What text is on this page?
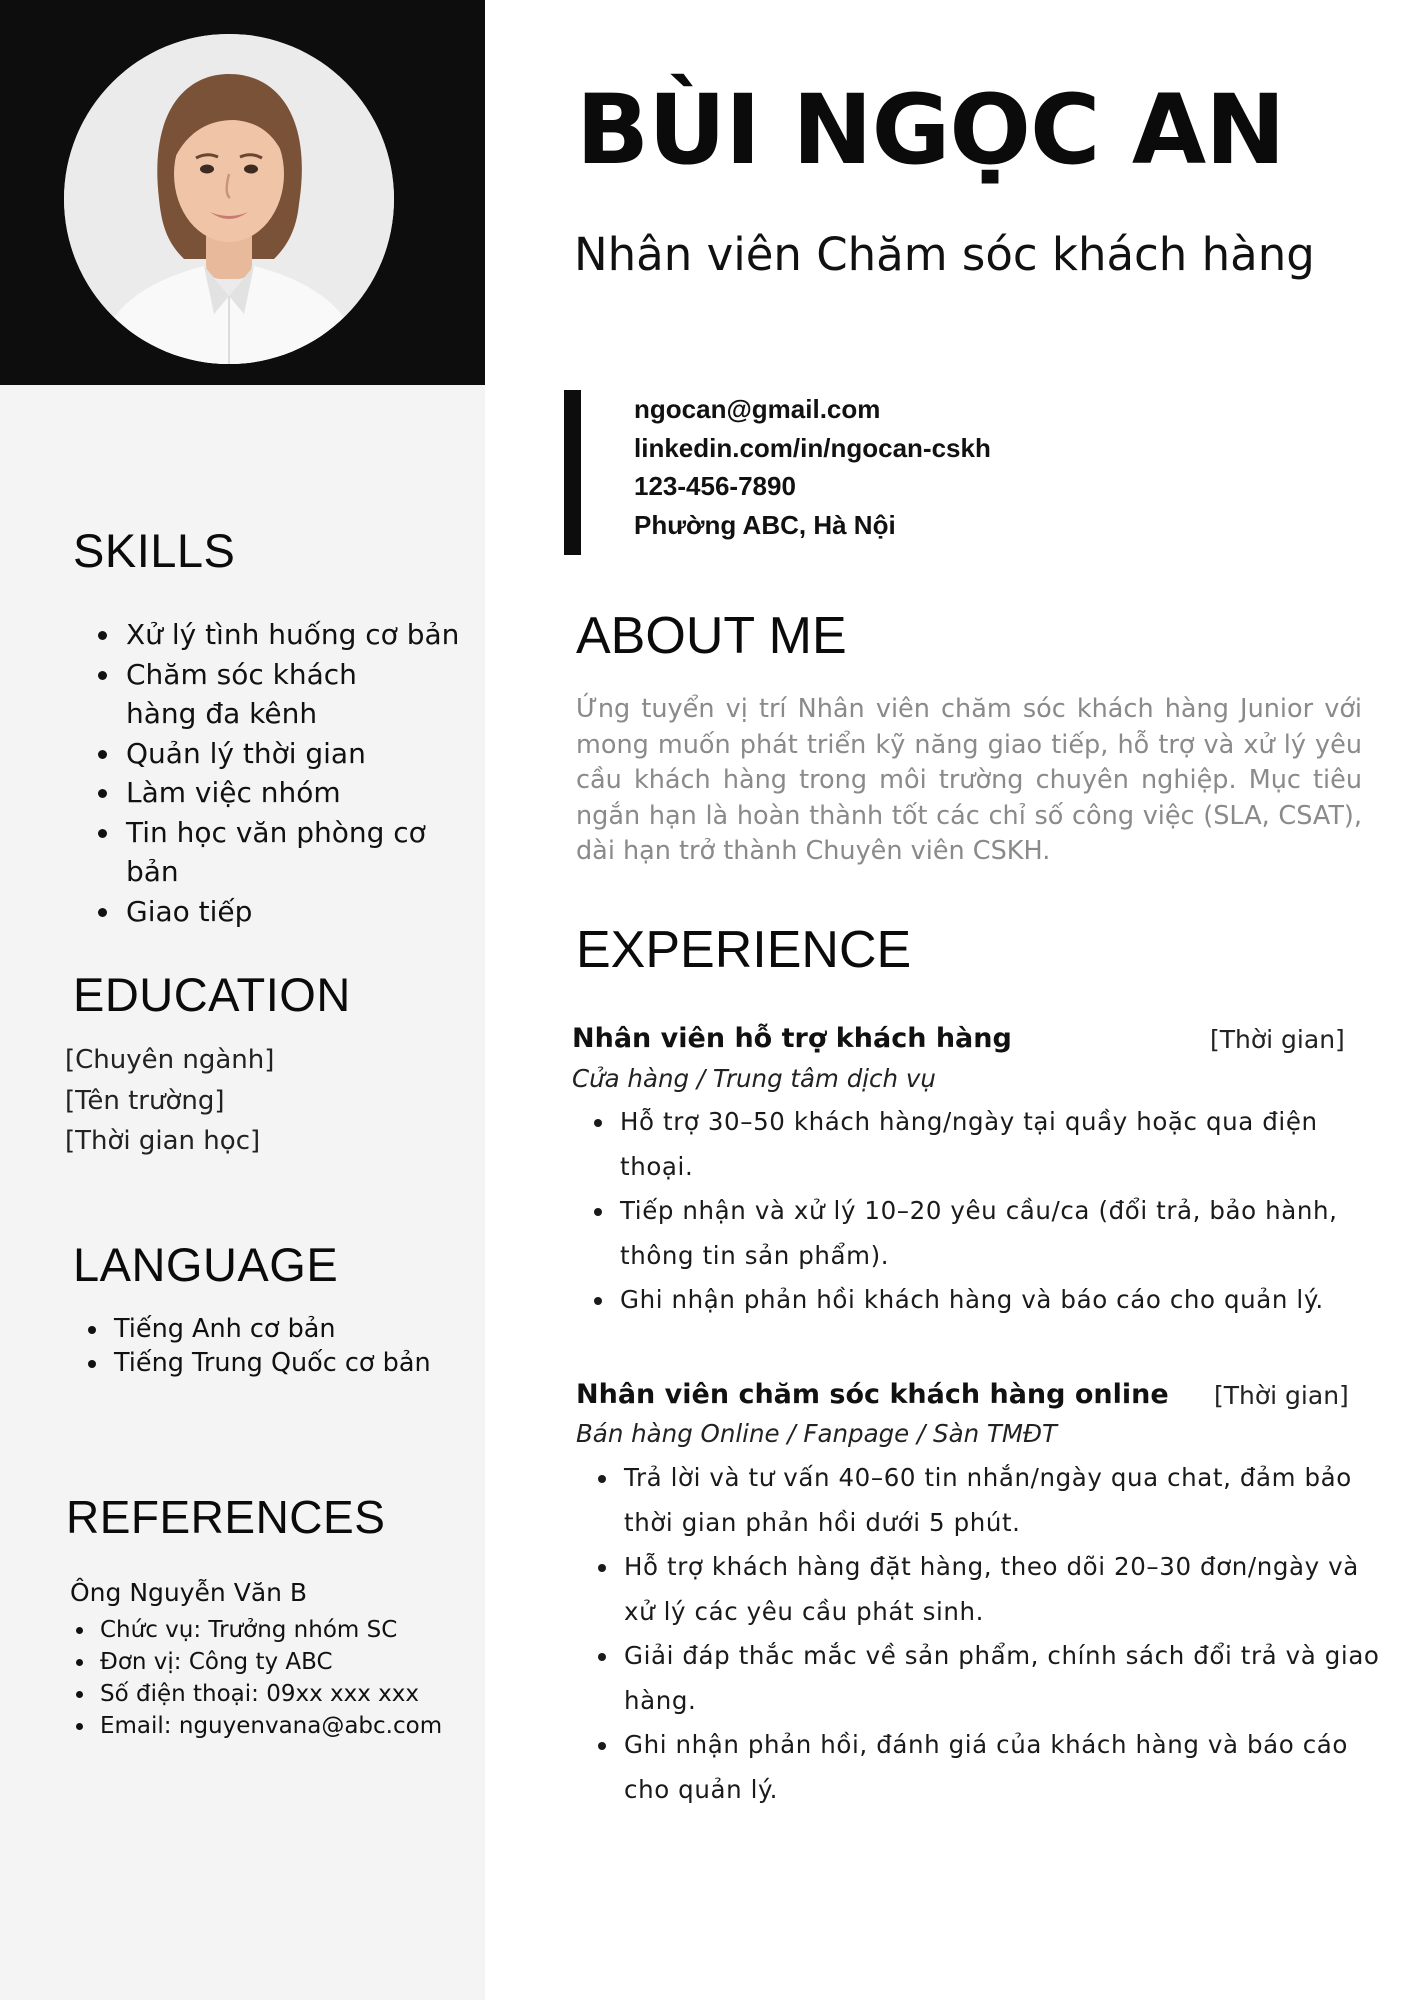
SKILLS
• Xử lý tình huống cơ bản
• Chăm sóc khách hàng đa kênh
• Quản lý thời gian
• Làm việc nhóm
• Tin học văn phòng cơ bản
• Giao tiếp
EDUCATION
[Chuyên ngành]
[Tên trường]
[Thời gian học]
LANGUAGE
• Tiếng Anh cơ bản
• Tiếng Trung Quốc cơ bản
REFERENCES
Ông Nguyễn Văn B
• Chức vụ: Trưởng nhóm SC
• Đơn vị: Công ty ABC
• Số điện thoại: 09xx xxx xxx
• Email: nguyenvana@abc.com
BÙI NGỌC AN
Nhân viên Chăm sóc khách hàng
ngocan@gmail.com
linkedin.com/in/ngocan-cskh
123-456-7890
Phường ABC, Hà Nội
ABOUT ME

Ứng tuyển vị trí Nhân viên chăm sóc khách hàng Junior với mong muốn phát triển kỹ năng giao tiếp, hỗ trợ và xử lý yêu cầu khách hàng trong môi trường chuyên nghiệp. Mục tiêu ngắn hạn là hoàn thành tốt các chỉ số công việc (SLA, CSAT), dài hạn trở thành Chuyên viên CSKH.

EXPERIENCE
Nhân viên hỗ trợ khách hàng	[Thời gian]
Cửa hàng / Trung tâm dịch vụ
• Hỗ trợ 30–50 khách hàng/ngày tại quầy hoặc qua điện thoại.
• Tiếp nhận và xử lý 10–20 yêu cầu/ca (đổi trả, bảo hành, thông tin sản phẩm).
• Ghi nhận phản hồi khách hàng và báo cáo cho quản lý.
Nhân viên chăm sóc khách hàng online [Thời gian]
Bán hàng Online / Fanpage / Sàn TMĐT
• Trả lời và tư vấn 40–60 tin nhắn/ngày qua chat, đảm bảo thời gian phản hồi dưới 5 phút.
• Hỗ trợ khách hàng đặt hàng, theo dõi 20–30 đơn/ngày và xử lý các yêu cầu phát sinh.
• Giải đáp thắc mắc về sản phẩm, chính sách đổi trả và giao hàng.
• Ghi nhận phản hồi, đánh giá của khách hàng và báo cáo cho quản lý.
